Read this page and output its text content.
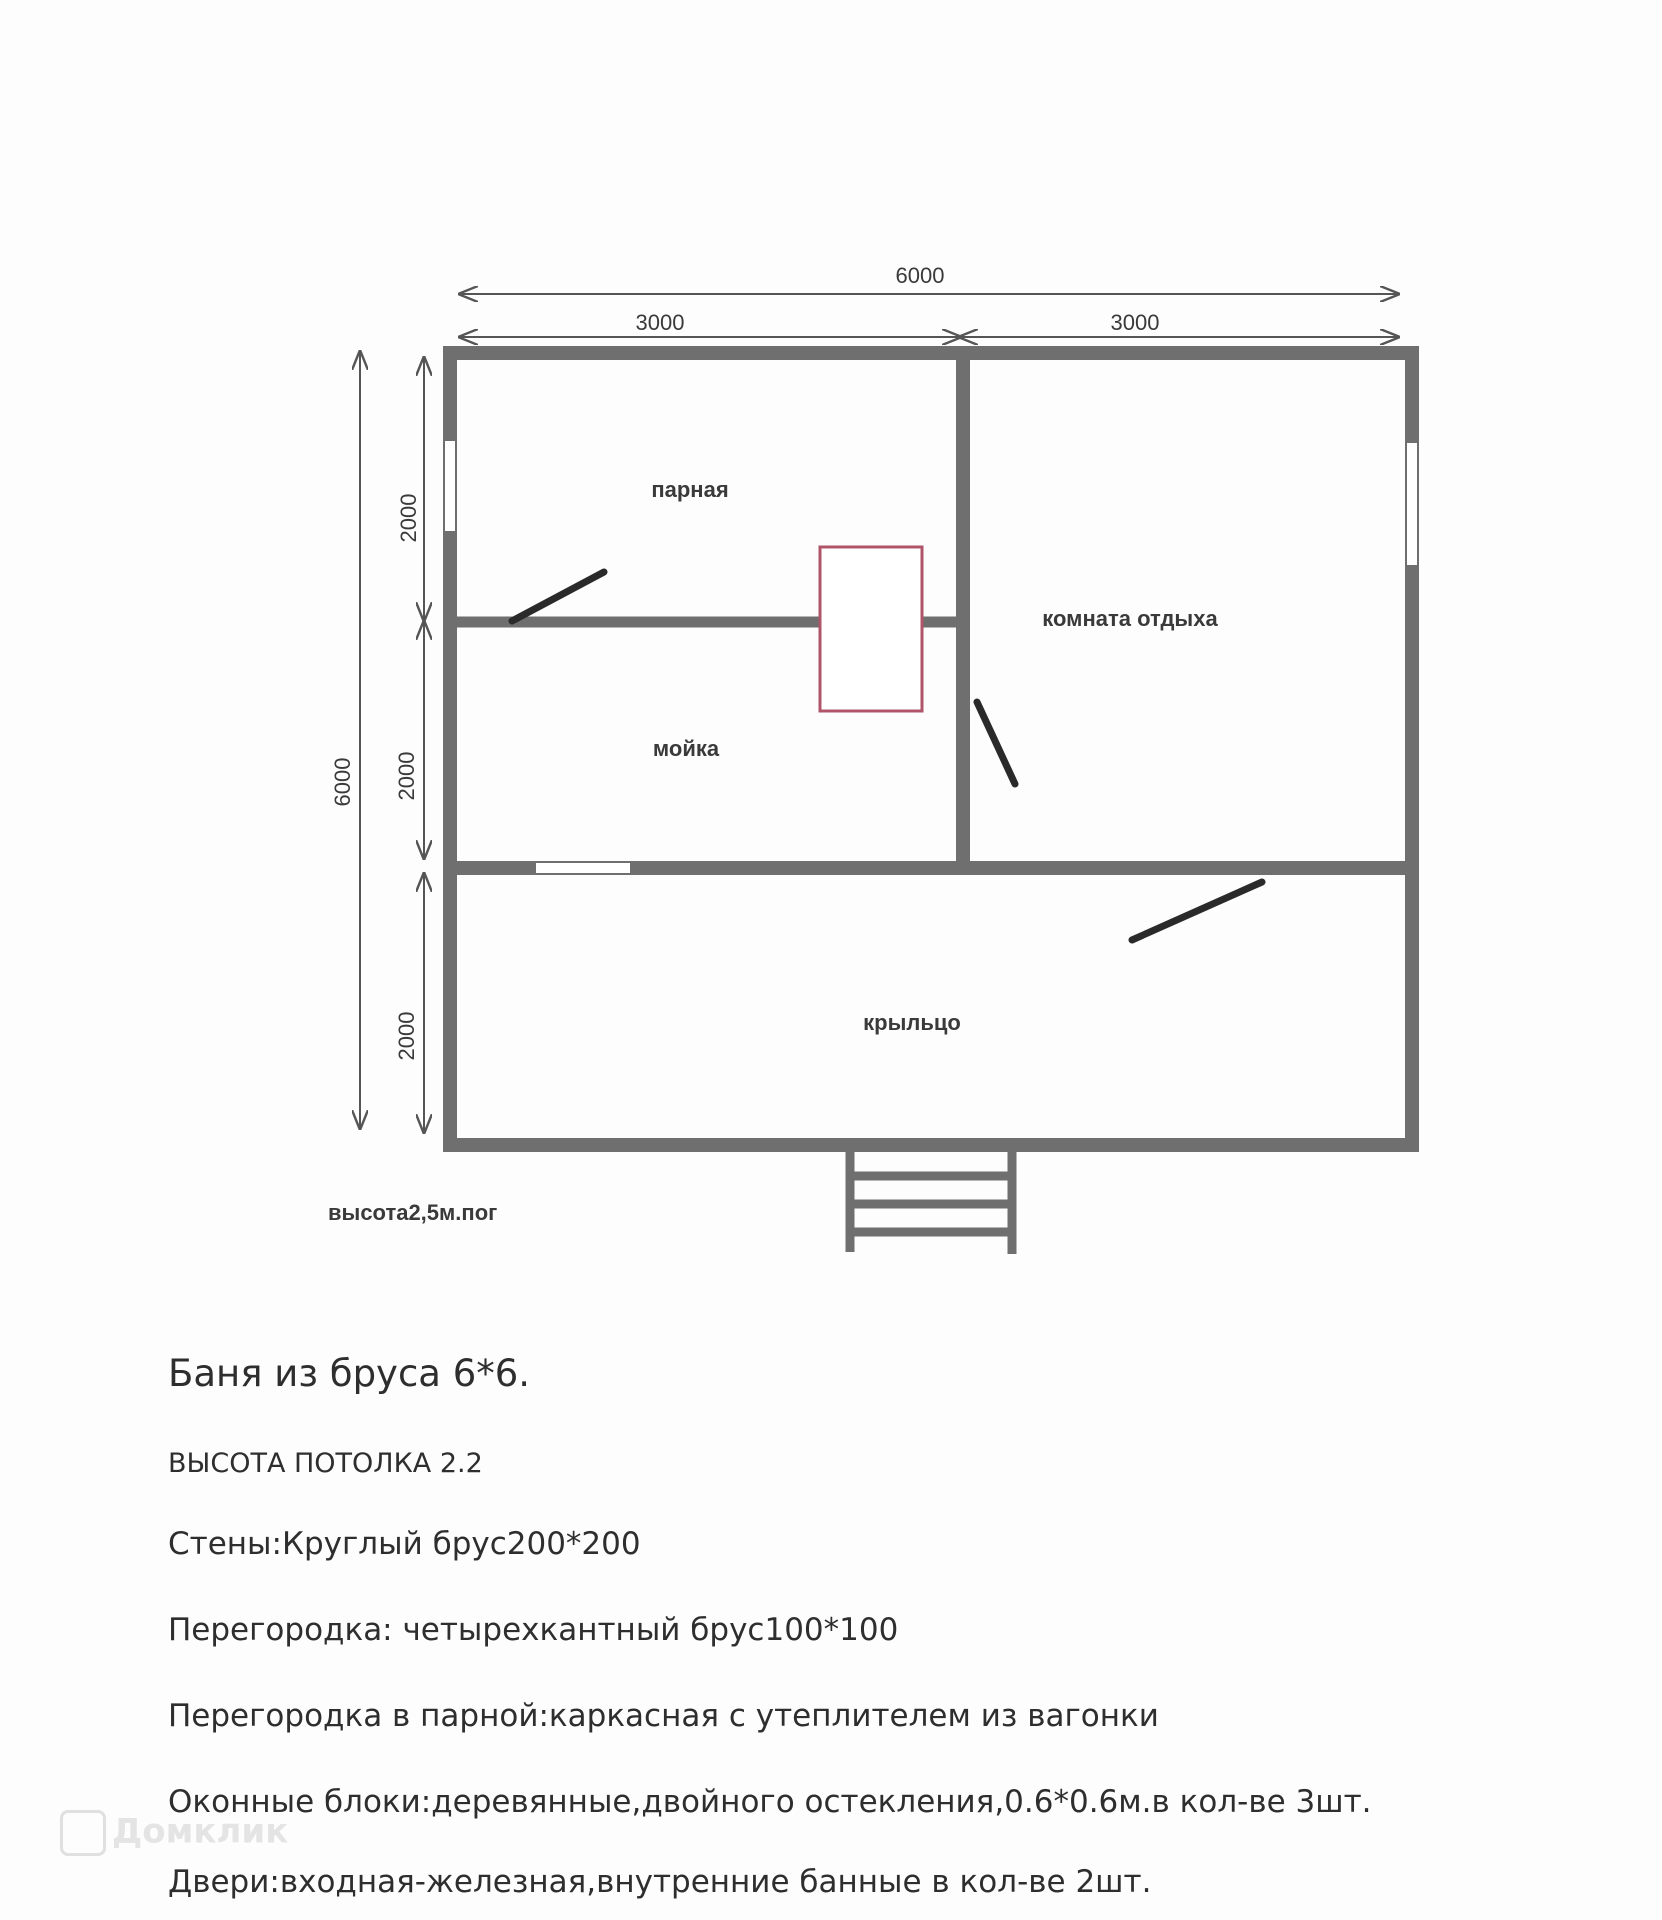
6000
3000	3000
6000
2000
2000
2000
парная
комната отдыха
мойка
крыльцо
высота2,5м.пог
Баня из бруса 6*6.
ВЫСОТА ПОТОЛКА 2.2
Стены:Круглый брус200*200
Перегородка: четырехкантный брус100*100
Перегородка в парной:каркасная с утеплителем из вагонки
Оконные блоки:деревянные,двойного остекления,0.6*0.6м.в кол-ве 3шт.
Двери:входная-железная,внутренние банные в кол-ве 2шт.
Домклик
